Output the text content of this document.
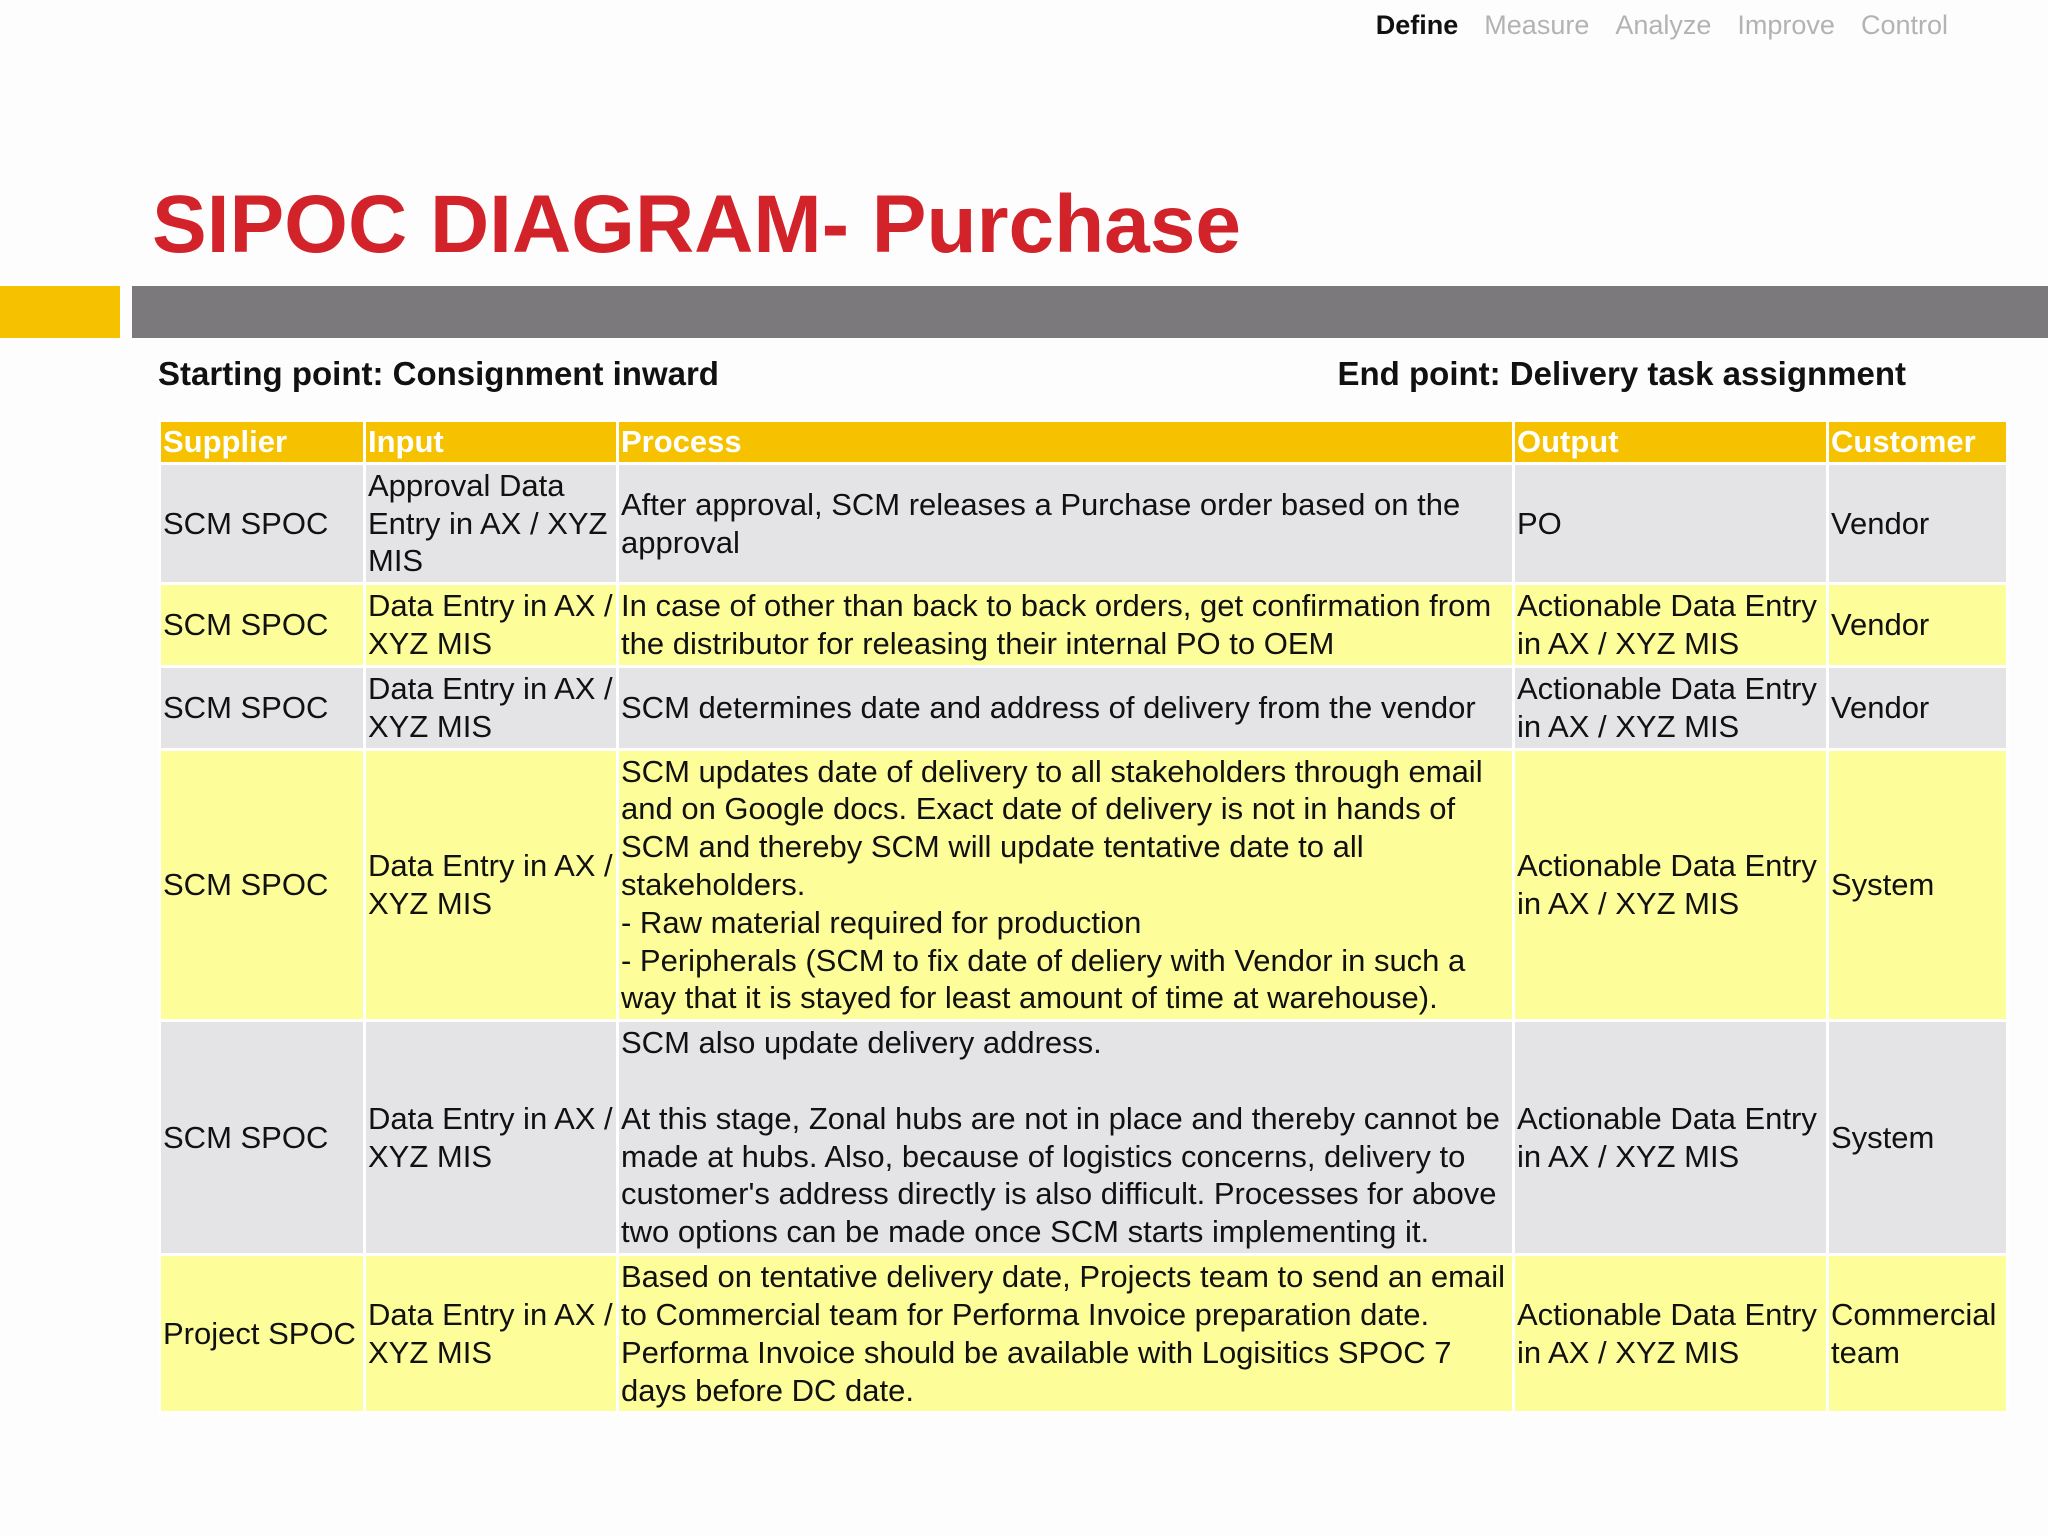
Define Measure Analyze Improve Control
SIPOC DIAGRAM- Purchase
Starting point: Consignment inward	End point: Delivery task assignment
Supplier	Input	Process	Output	Customer
SCM SPOC	Approval Data Entry in AX / XYZ MIS	After approval, SCM releases a Purchase order based on the approval	PO	Vendor
SCM SPOC	Data Entry in AX / XYZ MIS	In case of other than back to back orders, get confirmation from the distributor for releasing their internal PO to OEM	Actionable Data Entry in AX / XYZ MIS	Vendor
SCM SPOC	Data Entry in AX / XYZ MIS	SCM determines date and address of delivery from the vendor	Actionable Data Entry in AX / XYZ MIS	Vendor
SCM SPOC	Data Entry in AX / XYZ MIS	SCM updates date of delivery to all stakeholders through email and on Google docs. Exact date of delivery is not in hands of SCM and thereby SCM will update tentative date to all stakeholders.
- Raw material required for production
- Peripherals (SCM to fix date of deliery with Vendor in such a way that it is stayed for least amount of time at warehouse).	Actionable Data Entry in AX / XYZ MIS	System
SCM SPOC	Data Entry in AX / XYZ MIS	SCM also update delivery address.

At this stage, Zonal hubs are not in place and thereby cannot be made at hubs. Also, because of logistics concerns, delivery to customer's address directly is also difficult. Processes for above two options can be made once SCM starts implementing it.	Actionable Data Entry in AX / XYZ MIS	System
Project SPOC	Data Entry in AX / XYZ MIS	Based on tentative delivery date, Projects team to send an email to Commercial team for Performa Invoice preparation date. Performa Invoice should be available with Logisitics SPOC 7 days before DC date.	Actionable Data Entry in AX / XYZ MIS	Commercial team
